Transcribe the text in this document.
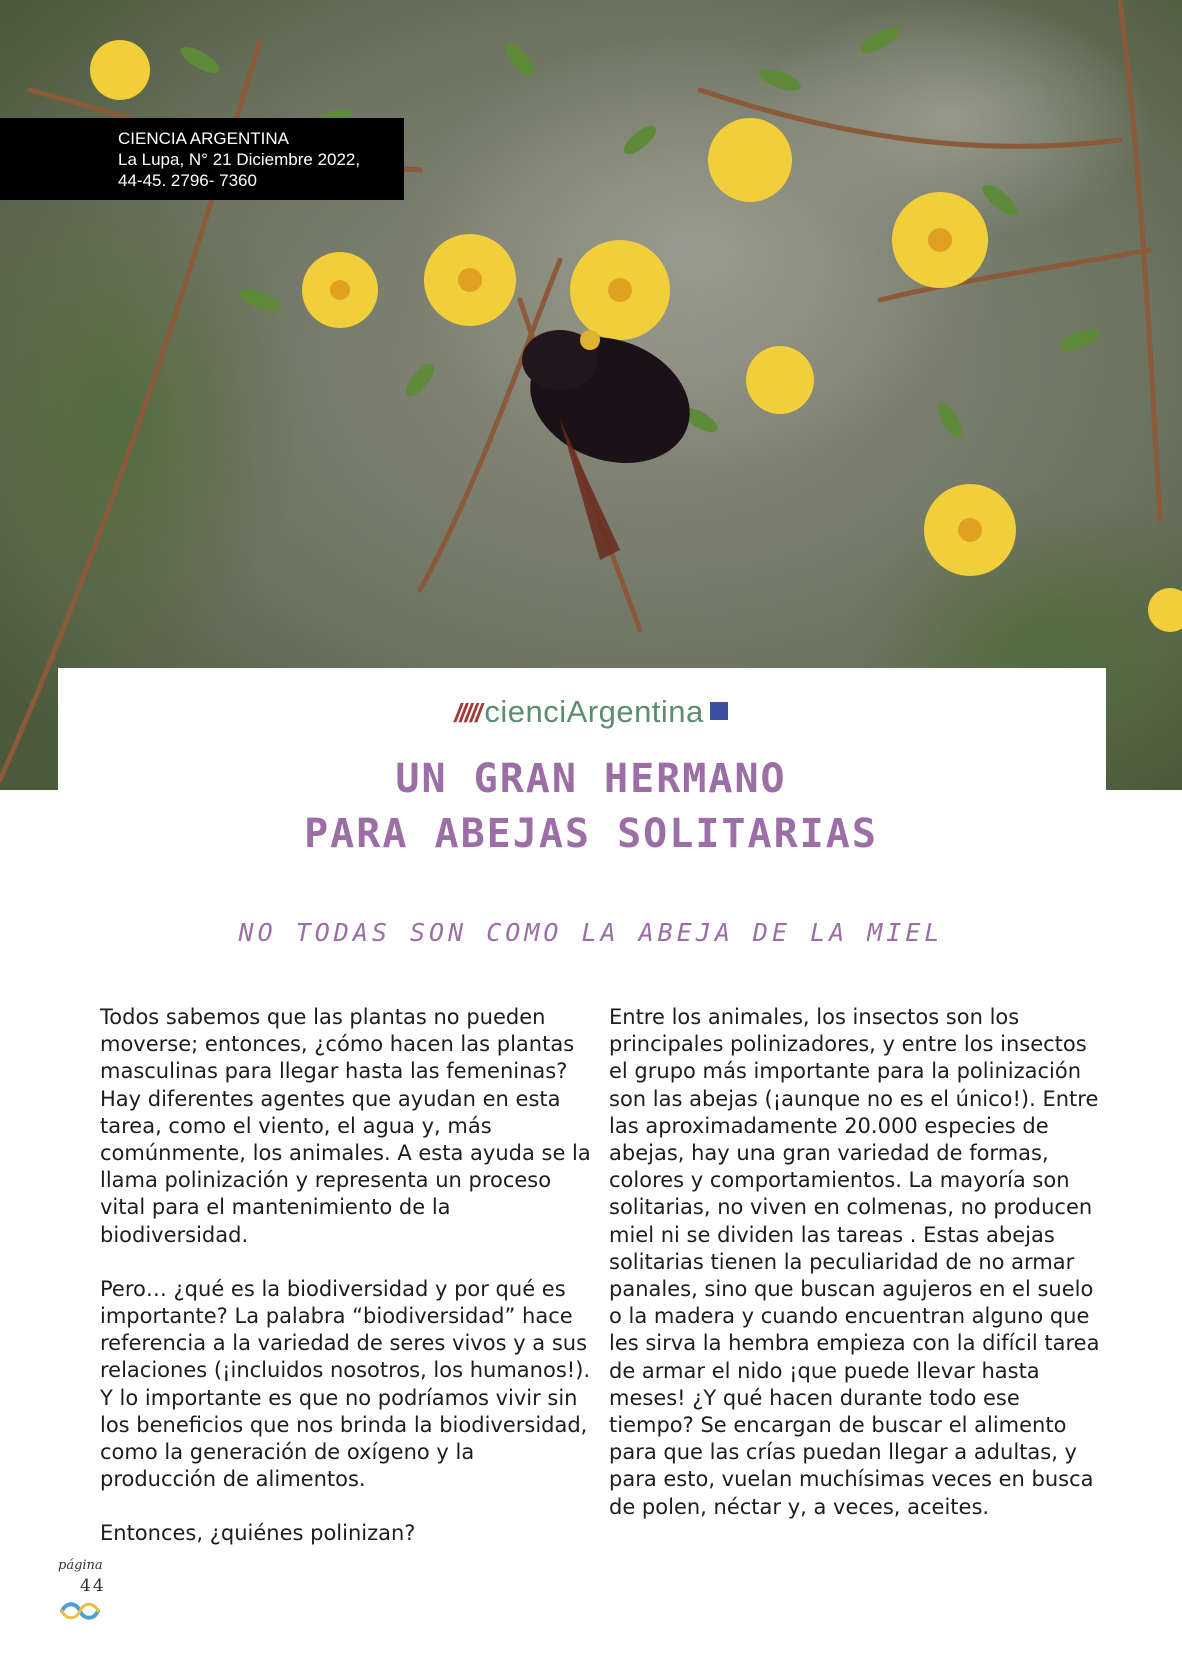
CIENCIA ARGENTINA
La Lupa, N° 21 Diciembre 2022,
44-45. 2796- 7360
///// cienciArgentina
UN GRAN HERMANO
PARA ABEJAS SOLITARIAS
NO TODAS SON COMO LA ABEJA DE LA MIEL

Todos sabemos que las plantas no pueden moverse; entonces, ¿cómo hacen las plantas masculinas para llegar hasta las femeninas? Hay diferentes agentes que ayudan en esta tarea, como el viento, el agua y, más comúnmente, los animales. A esta ayuda se la llama polinización y representa un proceso vital para el mantenimiento de la biodiversidad.

Pero… ¿qué es la biodiversidad y por qué es importante? La palabra “biodiversidad” hace referencia a la variedad de seres vivos y a sus relaciones (¡incluidos nosotros, los humanos!). Y lo importante es que no podríamos vivir sin los beneficios que nos brinda la biodiversidad, como la generación de oxígeno y la producción de alimentos.

Entonces, ¿quiénes polinizan?

Entre los animales, los insectos son los principales polinizadores, y entre los insectos el grupo más importante para la polinización son las abejas (¡aunque no es el único!). Entre las aproximadamente 20.000 especies de abejas, hay una gran variedad de formas, colores y comportamientos. La mayoría son solitarias, no viven en colmenas, no producen miel ni se dividen las tareas . Estas abejas solitarias tienen la peculiaridad de no armar panales, sino que buscan agujeros en el suelo o la madera y cuando encuentran alguno que les sirva la hembra empieza con la difícil tarea de armar el nido ¡que puede llevar hasta meses! ¿Y qué hacen durante todo ese tiempo? Se encargan de buscar el alimento para que las crías puedan llegar a adultas, y para esto, vuelan muchísimas veces en busca de polen, néctar y, a veces, aceites.

página
44
